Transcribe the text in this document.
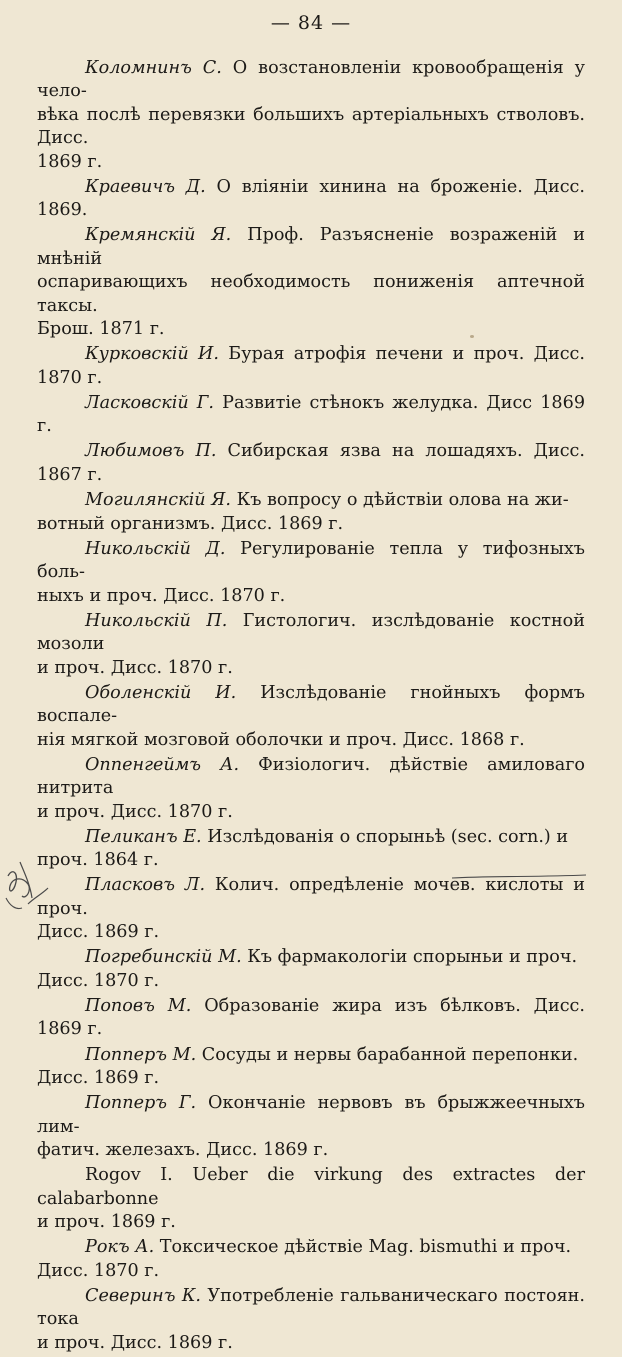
— 84 —
Коломнинъ С. О возстановленіи кровообращенія у чело-
вѣка послѣ перевязки большихъ артеріальныхъ стволовъ. Дисс.
1869 г.
Краевичъ Д. О вліяніи хинина на броженіе. Дисс. 1869.
Кремянскій Я. Проф. Разъясненіе возраженій и мнѣній
оспаривающихъ необходимость пониженія аптечной таксы.
Брош. 1871 г.
Курковскій И. Бурая атрофія печени и проч. Дисс. 1870 г.
Ласковскій Г. Развитіе стѣнокъ желудка. Дисс 1869 г.
Любимовъ П. Сибирская язва на лошадяхъ. Дисс. 1867 г.
Могилянскій Я. Къ вопросу о дѣйствіи олова на жи-
вотный организмъ. Дисс. 1869 г.
Никольскій Д. Регулированіе тепла у тифозныхъ боль-
ныхъ и проч. Дисс. 1870 г.
Никольскій П. Гистологич. изслѣдованіе костной мозоли
и проч. Дисс. 1870 г.
Оболенскій И. Изслѣдованіе гнойныхъ формъ воспале-
нія мягкой мозговой оболочки и проч. Дисс. 1868 г.
Оппенгеймъ А. Физіологич. дѣйствіе амиловаго нитрита
и проч. Дисс. 1870 г.
Пеликанъ Е. Изслѣдованія о спорыньѣ (sec. corn.) и
проч. 1864 г.
Пласковъ Л. Колич. опредѣленіе мочев. кислоты и проч.
Дисс. 1869 г.
Погребинскій М. Къ фармакологіи спорыньи и проч.
Дисс. 1870 г.
Поповъ М. Образованіе жира изъ бѣлковъ. Дисс. 1869 г.
Попперъ М. Сосуды и нервы барабанной перепонки.
Дисс. 1869 г.
Попперъ Г. Окончаніе нервовъ въ брыжжеечныхъ лим-
фатич. железахъ. Дисс. 1869 г.
Rogov I. Ueber die virkung des extractes der calabarbonne
и проч. 1869 г.
Рокъ А. Токсическое дѣйствіе Mag. bismuthi и проч.
Дисс. 1870 г.
Северинъ К. Употребленіе гальваническаго постоян. тока
и проч. Дисс. 1869 г.
